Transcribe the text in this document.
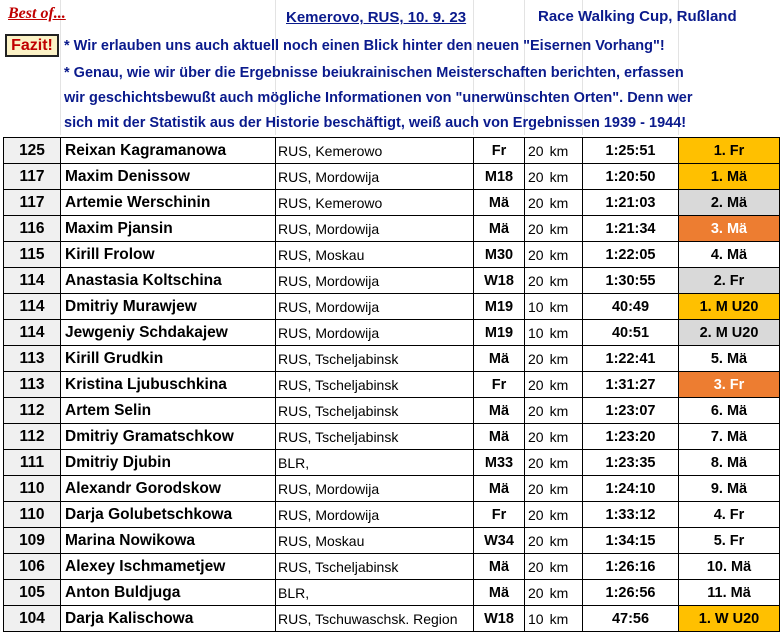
Best of...	Kemerovo, RUS, 10. 9. 23	Race Walking Cup, Rußland
Fazit! * Wir erlauben uns auch aktuell noch einen Blick hinter den neuen "Eisernen Vorhang"!
* Genau, wie wir über die Ergebnisse beiukrainischen Meisterschaften berichten, erfassen
wir geschichtsbewußt auch mögliche Informationen von "unerwünschten Orten". Denn wer
sich mit der Statistik aus der Historie beschäftigt, weiß auch von Ergebnissen 1939 - 1944!
125	Reixan Kagramanowa	RUS, Kemerowo	Fr	20 km	1:25:51	1. Fr
117	Maxim Denissow	RUS, Mordowija	M18	20 km	1:20:50	1. Mä
117	Artemie Werschinin	RUS, Kemerowo	Mä	20 km	1:21:03	2. Mä
116	Maxim Pjansin	RUS, Mordowija	Mä	20 km	1:21:34	3. Mä
115	Kirill Frolow	RUS, Moskau	M30	20 km	1:22:05	4. Mä
114	Anastasia Koltschina	RUS, Mordowija	W18	20 km	1:30:55	2. Fr
114	Dmitriy Murawjew	RUS, Mordowija	M19	10 km	40:49	1. M U20
114	Jewgeniy Schdakajew	RUS, Mordowija	M19	10 km	40:51	2. M U20
113	Kirill Grudkin	RUS, Tscheljabinsk	Mä	20 km	1:22:41	5. Mä
113	Kristina Ljubuschkina	RUS, Tscheljabinsk	Fr	20 km	1:31:27	3. Fr
112	Artem Selin	RUS, Tscheljabinsk	Mä	20 km	1:23:07	6. Mä
112	Dmitriy Gramatschkow	RUS, Tscheljabinsk	Mä	20 km	1:23:20	7. Mä
111	Dmitriy Djubin	BLR,	M33	20 km	1:23:35	8. Mä
110	Alexandr Gorodskow	RUS, Mordowija	Mä	20 km	1:24:10	9. Mä
110	Darja Golubetschkowa	RUS, Mordowija	Fr	20 km	1:33:12	4. Fr
109	Marina Nowikowa	RUS, Moskau	W34	20 km	1:34:15	5. Fr
106	Alexey Ischmametjew	RUS, Tscheljabinsk	Mä	20 km	1:26:16	10. Mä
105	Anton Buldjuga	BLR,	Mä	20 km	1:26:56	11. Mä
104	Darja Kalischowa	RUS, Tschuwaschsk. Region	W18	10 km	47:56	1. W U20
